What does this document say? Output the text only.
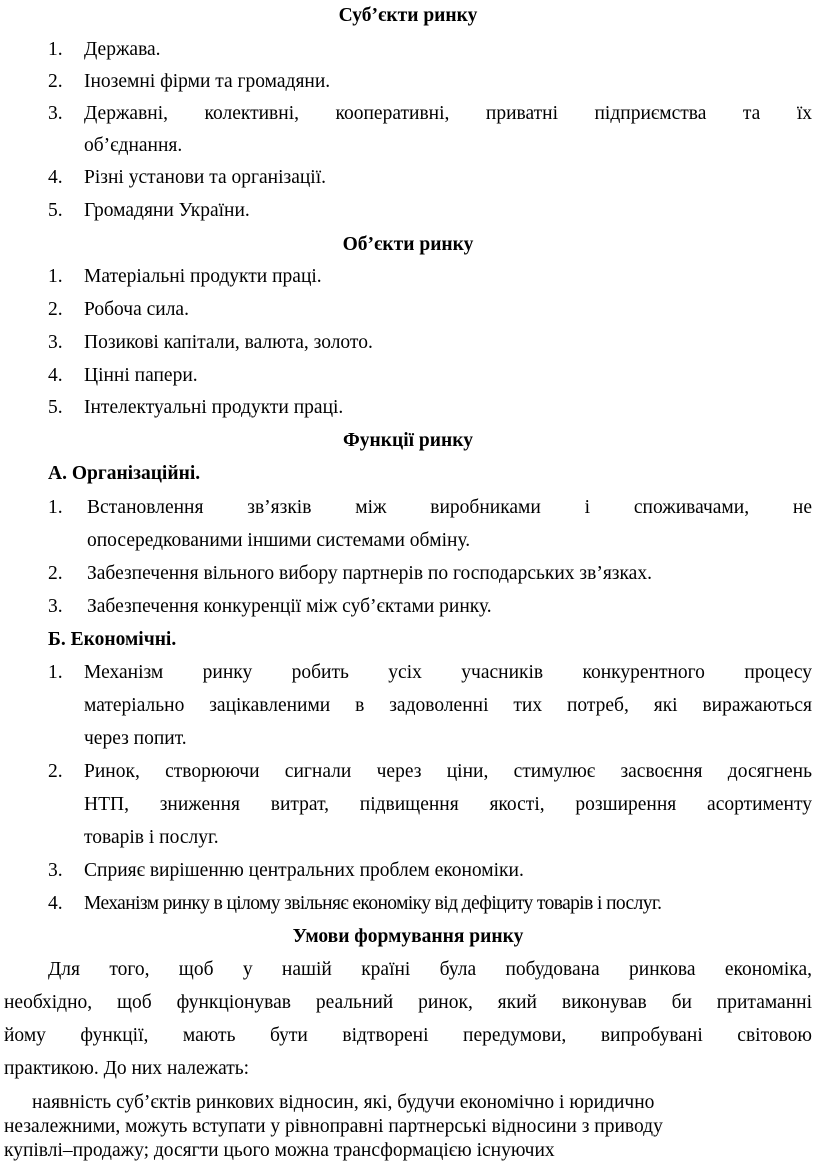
Суб’єкти ринку
1. Держава.
2. Іноземні фірми та громадяни.
3. Державні, колективні, кооперативні, приватні підприємства та їх
об’єднання.
4. Різні установи та організації.
5. Громадяни України.
Об’єкти ринку
1. Матеріальні продукти праці.
2. Робоча сила.
3. Позикові капітали, валюта, золото.
4. Цінні папери.
5. Інтелектуальні продукти праці.
Функції ринку
А. Організаційні.
1. Встановлення зв’язків між виробниками і споживачами, не
опосередкованими іншими системами обміну.
2. Забезпечення вільного вибору партнерів по господарських зв’язках.
3. Забезпечення конкуренції між суб’єктами ринку.
Б. Економічні.
1. Механізм ринку робить усіх учасників конкурентного процесу
матеріально зацікавленими в задоволенні тих потреб, які виражаються
через попит.
2. Ринок, створюючи сигнали через ціни, стимулює засвоєння досягнень
НТП, зниження витрат, підвищення якості, розширення асортименту
товарів і послуг.
3. Сприяє вирішенню центральних проблем економіки.
4. Механізм ринку в цілому звільняє економіку від дефіциту товарів і послуг.
Умови формування ринку
Для того, щоб у нашій країні була побудована ринкова економіка,
необхідно, щоб функціонував реальний ринок, який виконував би притаманні
йому функції, мають бути відтворені передумови, випробувані світовою
практикою. До них належать:
наявність суб’єктів ринкових відносин, які, будучи економічно і юридично
незалежними, можуть вступати у рівноправні партнерські відносини з приводу
купівлі–продажу; досягти цього можна трансформацією існуючих
